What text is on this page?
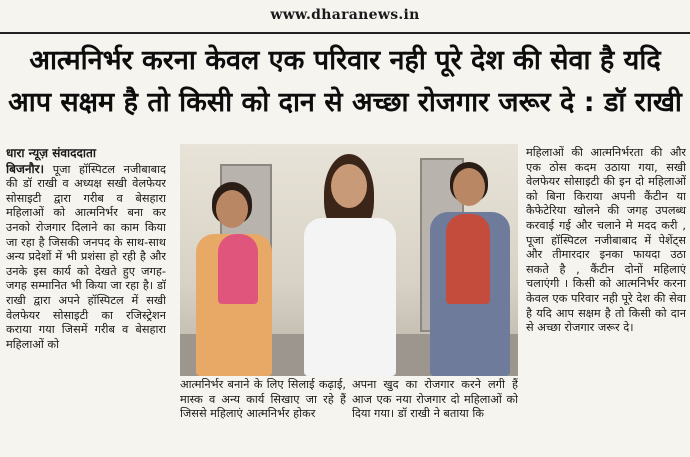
www.dharanews.in
आत्मनिर्भर करना केवल एक परिवार नही पूरे देश की सेवा है यदि
आप सक्षम है तो किसी को दान से अच्छा रोजगार जरूर दे : डॉ राखी
धारा न्यूज़ संवाददाता
बिजनौर। पूजा हॉस्पिटल नजीबाबाद की डॉ राखी व अध्यक्ष सखी वेलफेयर सोसाइटी द्वारा गरीब व बेसहारा महिलाओं को आत्मनिर्भर बना कर उनको रोजगार दिलाने का काम किया जा रहा है जिसकी जनपद के साथ-साथ अन्य प्रदेशों में भी प्रशंसा हो रही है और उनके इस कार्य को देखते हुए जगह-जगह सम्मानित भी किया जा रहा है। डॉ राखी द्वारा अपने हॉस्पिटल में सखी वेलफेयर सोसाइटी का रजिस्ट्रेशन कराया गया जिसमें गरीब व बेसहारा महिलाओं को
आत्मनिर्भर बनाने के लिए सिलाई कढ़ाई, मास्क व अन्य कार्य सिखाए जा रहे हैं जिससे महिलाएं आत्मनिर्भर होकर
अपना खुद का रोजगार करने लगी हैं आज एक नया रोजगार दो महिलाओं को दिया गया। डॉ राखी ने बताया कि
महिलाओं की आत्मनिर्भरता की और एक ठोस कदम उठाया गया, सखी वेलफेयर सोसाइटी की इन दो महिलाओं को बिना किराया अपनी कैंटीन या कैफेटेरिया खोलने की जगह उपलब्ध करवाई गई और चलाने मे मदद करी , पूजा हॉस्पिटल नजीबाबाद में पेशेंट्स और तीमारदार इनका फायदा उठा सकते है , कैंटीन दोनों महिलाएं चलाएंगी । किसी को आत्मनिर्भर करना केवल एक परिवार नही पूरे देश की सेवा है यदि आप सक्षम है तो किसी को दान से अच्छा रोजगार जरूर दे।
